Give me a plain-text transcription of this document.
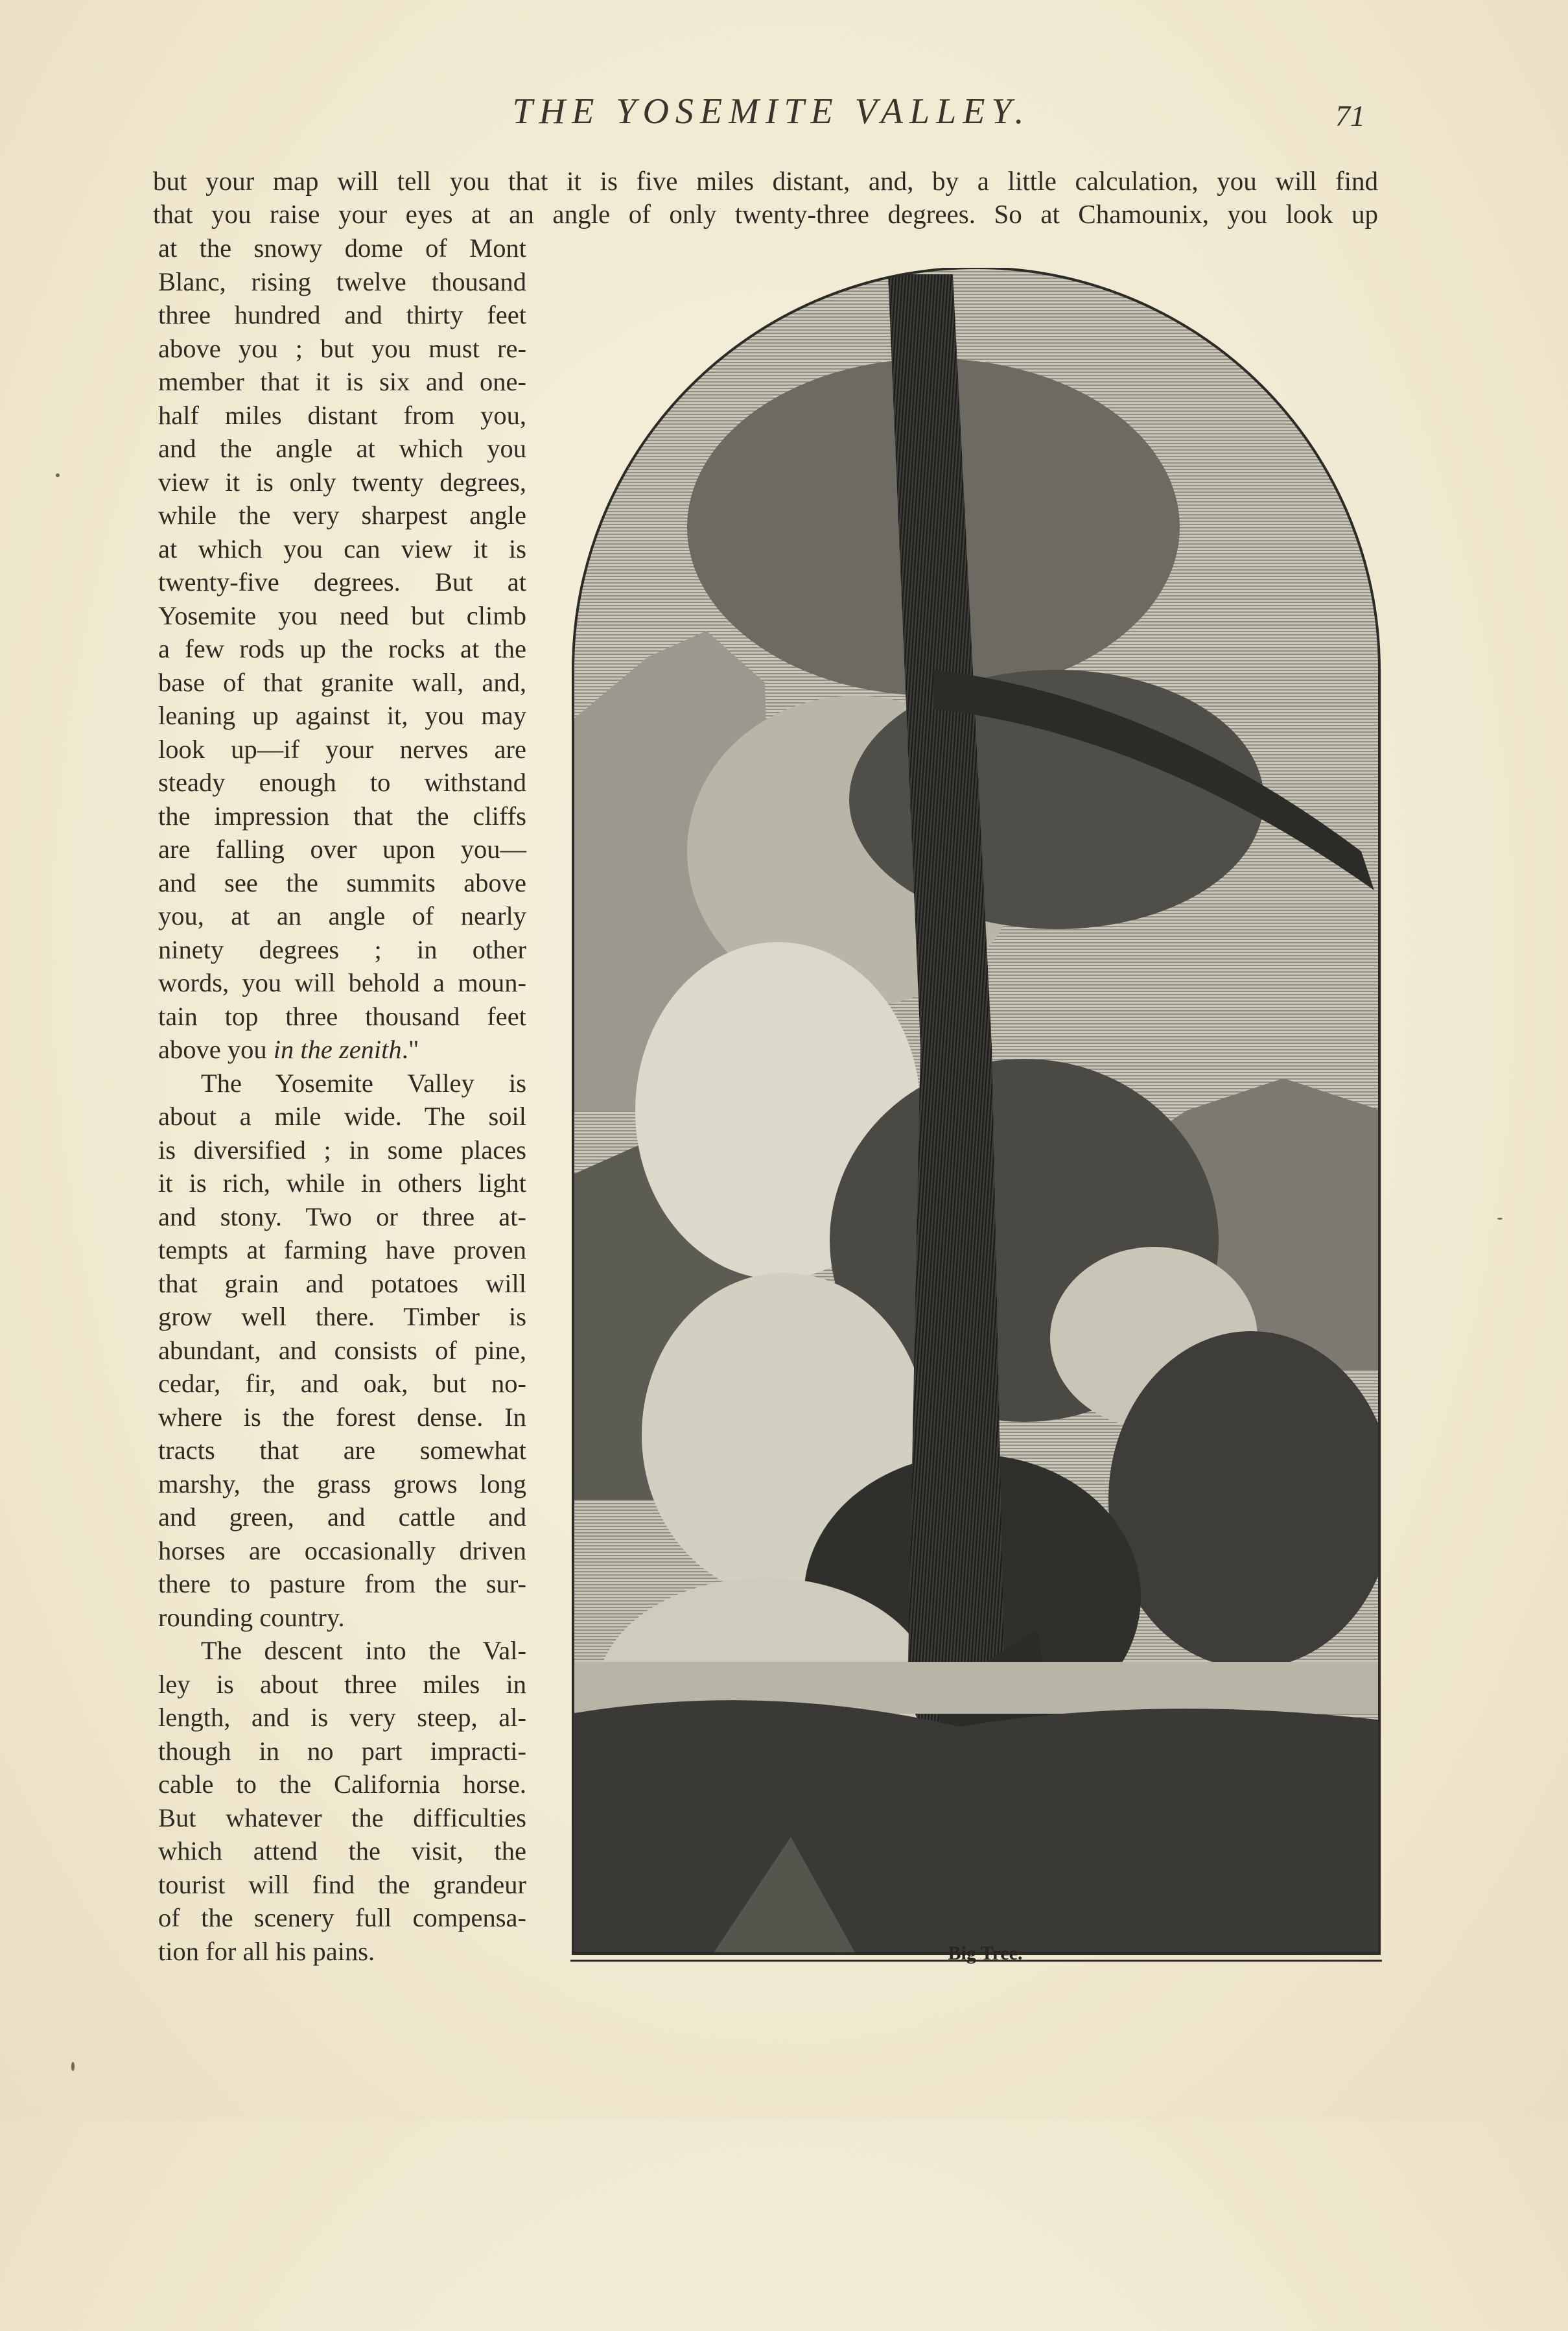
THE YOSEMITE VALLEY.	71
but your map will tell you that it is five miles distant, and, by a little calculation, you will find
that you raise your eyes at an angle of only twenty-three degrees. So at Chamounix, you look up
at the snowy dome of Mont
Blanc, rising twelve thousand
three hundred and thirty feet
above you ; but you must re-
member that it is six and one-
half miles distant from you,
and the angle at which you
view it is only twenty degrees,
while the very sharpest angle
at which you can view it is
twenty-five degrees. But at
Yosemite you need but climb
a few rods up the rocks at the
base of that granite wall, and,
leaning up against it, you may
look up—if your nerves are
steady enough to withstand
the impression that the cliffs
are falling over upon you—
and see the summits above
you, at an angle of nearly
ninety degrees ; in other
words, you will behold a moun-
tain top three thousand feet
above you in the zenith."
The Yosemite Valley is
about a mile wide. The soil
is diversified ; in some places
it is rich, while in others light
and stony. Two or three at-
tempts at farming have proven
that grain and potatoes will
grow well there. Timber is
abundant, and consists of pine,
cedar, fir, and oak, but no-
where is the forest dense. In
tracts that are somewhat
marshy, the grass grows long
and green, and cattle and
horses are occasionally driven
there to pasture from the sur-
rounding country.
The descent into the Val-
ley is about three miles in
length, and is very steep, al-
though in no part impracti-
cable to the California horse.
But whatever the difficulties
which attend the visit, the
tourist will find the grandeur
of the scenery full compensa-
tion for all his pains.	Big Tree.
